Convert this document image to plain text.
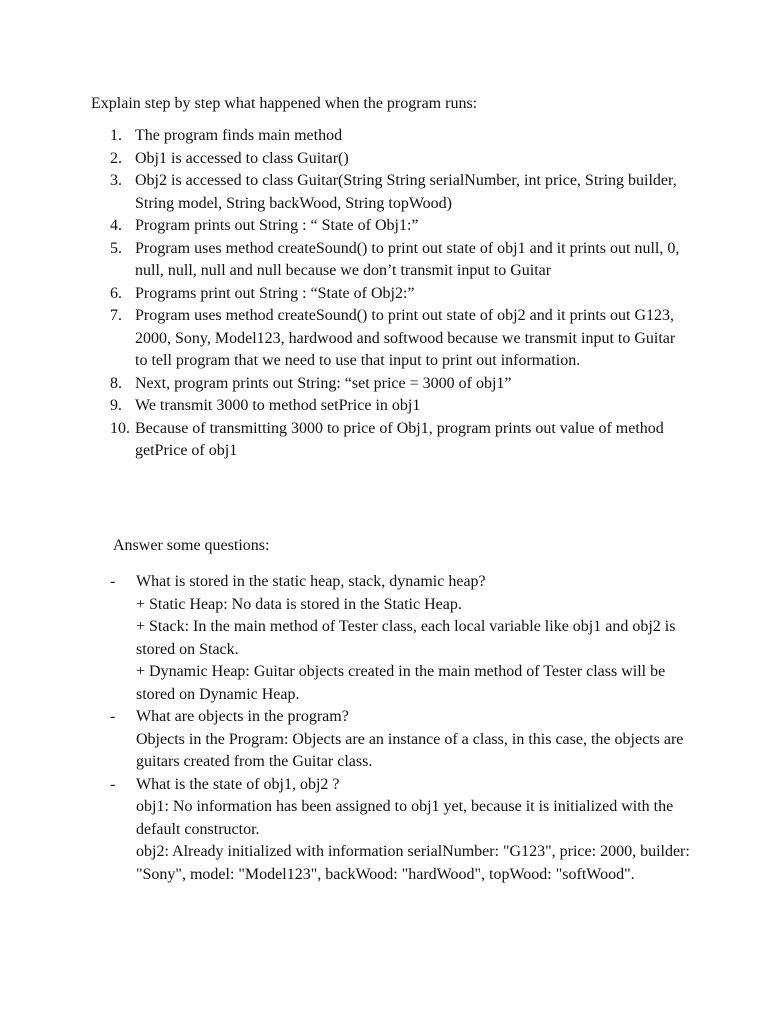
Explain step by step what happened when the program runs:

1. The program finds main method
2. Obj1 is accessed to class Guitar()
3. Obj2 is accessed to class Guitar(String String serialNumber, int price, String builder, String model, String backWood, String topWood)
4. Program prints out String : “ State of Obj1:”
5. Program uses method createSound() to print out state of obj1 and it prints out null, 0, null, null, null and null because we don’t transmit input to Guitar
6. Programs print out String : “State of Obj2:”
7. Program uses method createSound() to print out state of obj2 and it prints out G123, 2000, Sony, Model123, hardwood and softwood because we transmit input to Guitar to tell program that we need to use that input to print out information.
8. Next, program prints out String: “set price = 3000 of obj1”
9. We transmit 3000 to method setPrice in obj1
10. Because of transmitting 3000 to price of Obj1, program prints out value of method getPrice of obj1

Answer some questions:

-	What is stored in the static heap, stack, dynamic heap?
+ Static Heap: No data is stored in the Static Heap.
+ Stack: In the main method of Tester class, each local variable like obj1 and obj2 is stored on Stack.
+ Dynamic Heap: Guitar objects created in the main method of Tester class will be stored on Dynamic Heap.
-	What are objects in the program?
Objects in the Program: Objects are an instance of a class, in this case, the objects are guitars created from the Guitar class.
-	What is the state of obj1, obj2 ?
obj1: No information has been assigned to obj1 yet, because it is initialized with the default constructor.
obj2: Already initialized with information serialNumber: "G123", price: 2000, builder: "Sony", model: "Model123", backWood: "hardWood", topWood: "softWood".
